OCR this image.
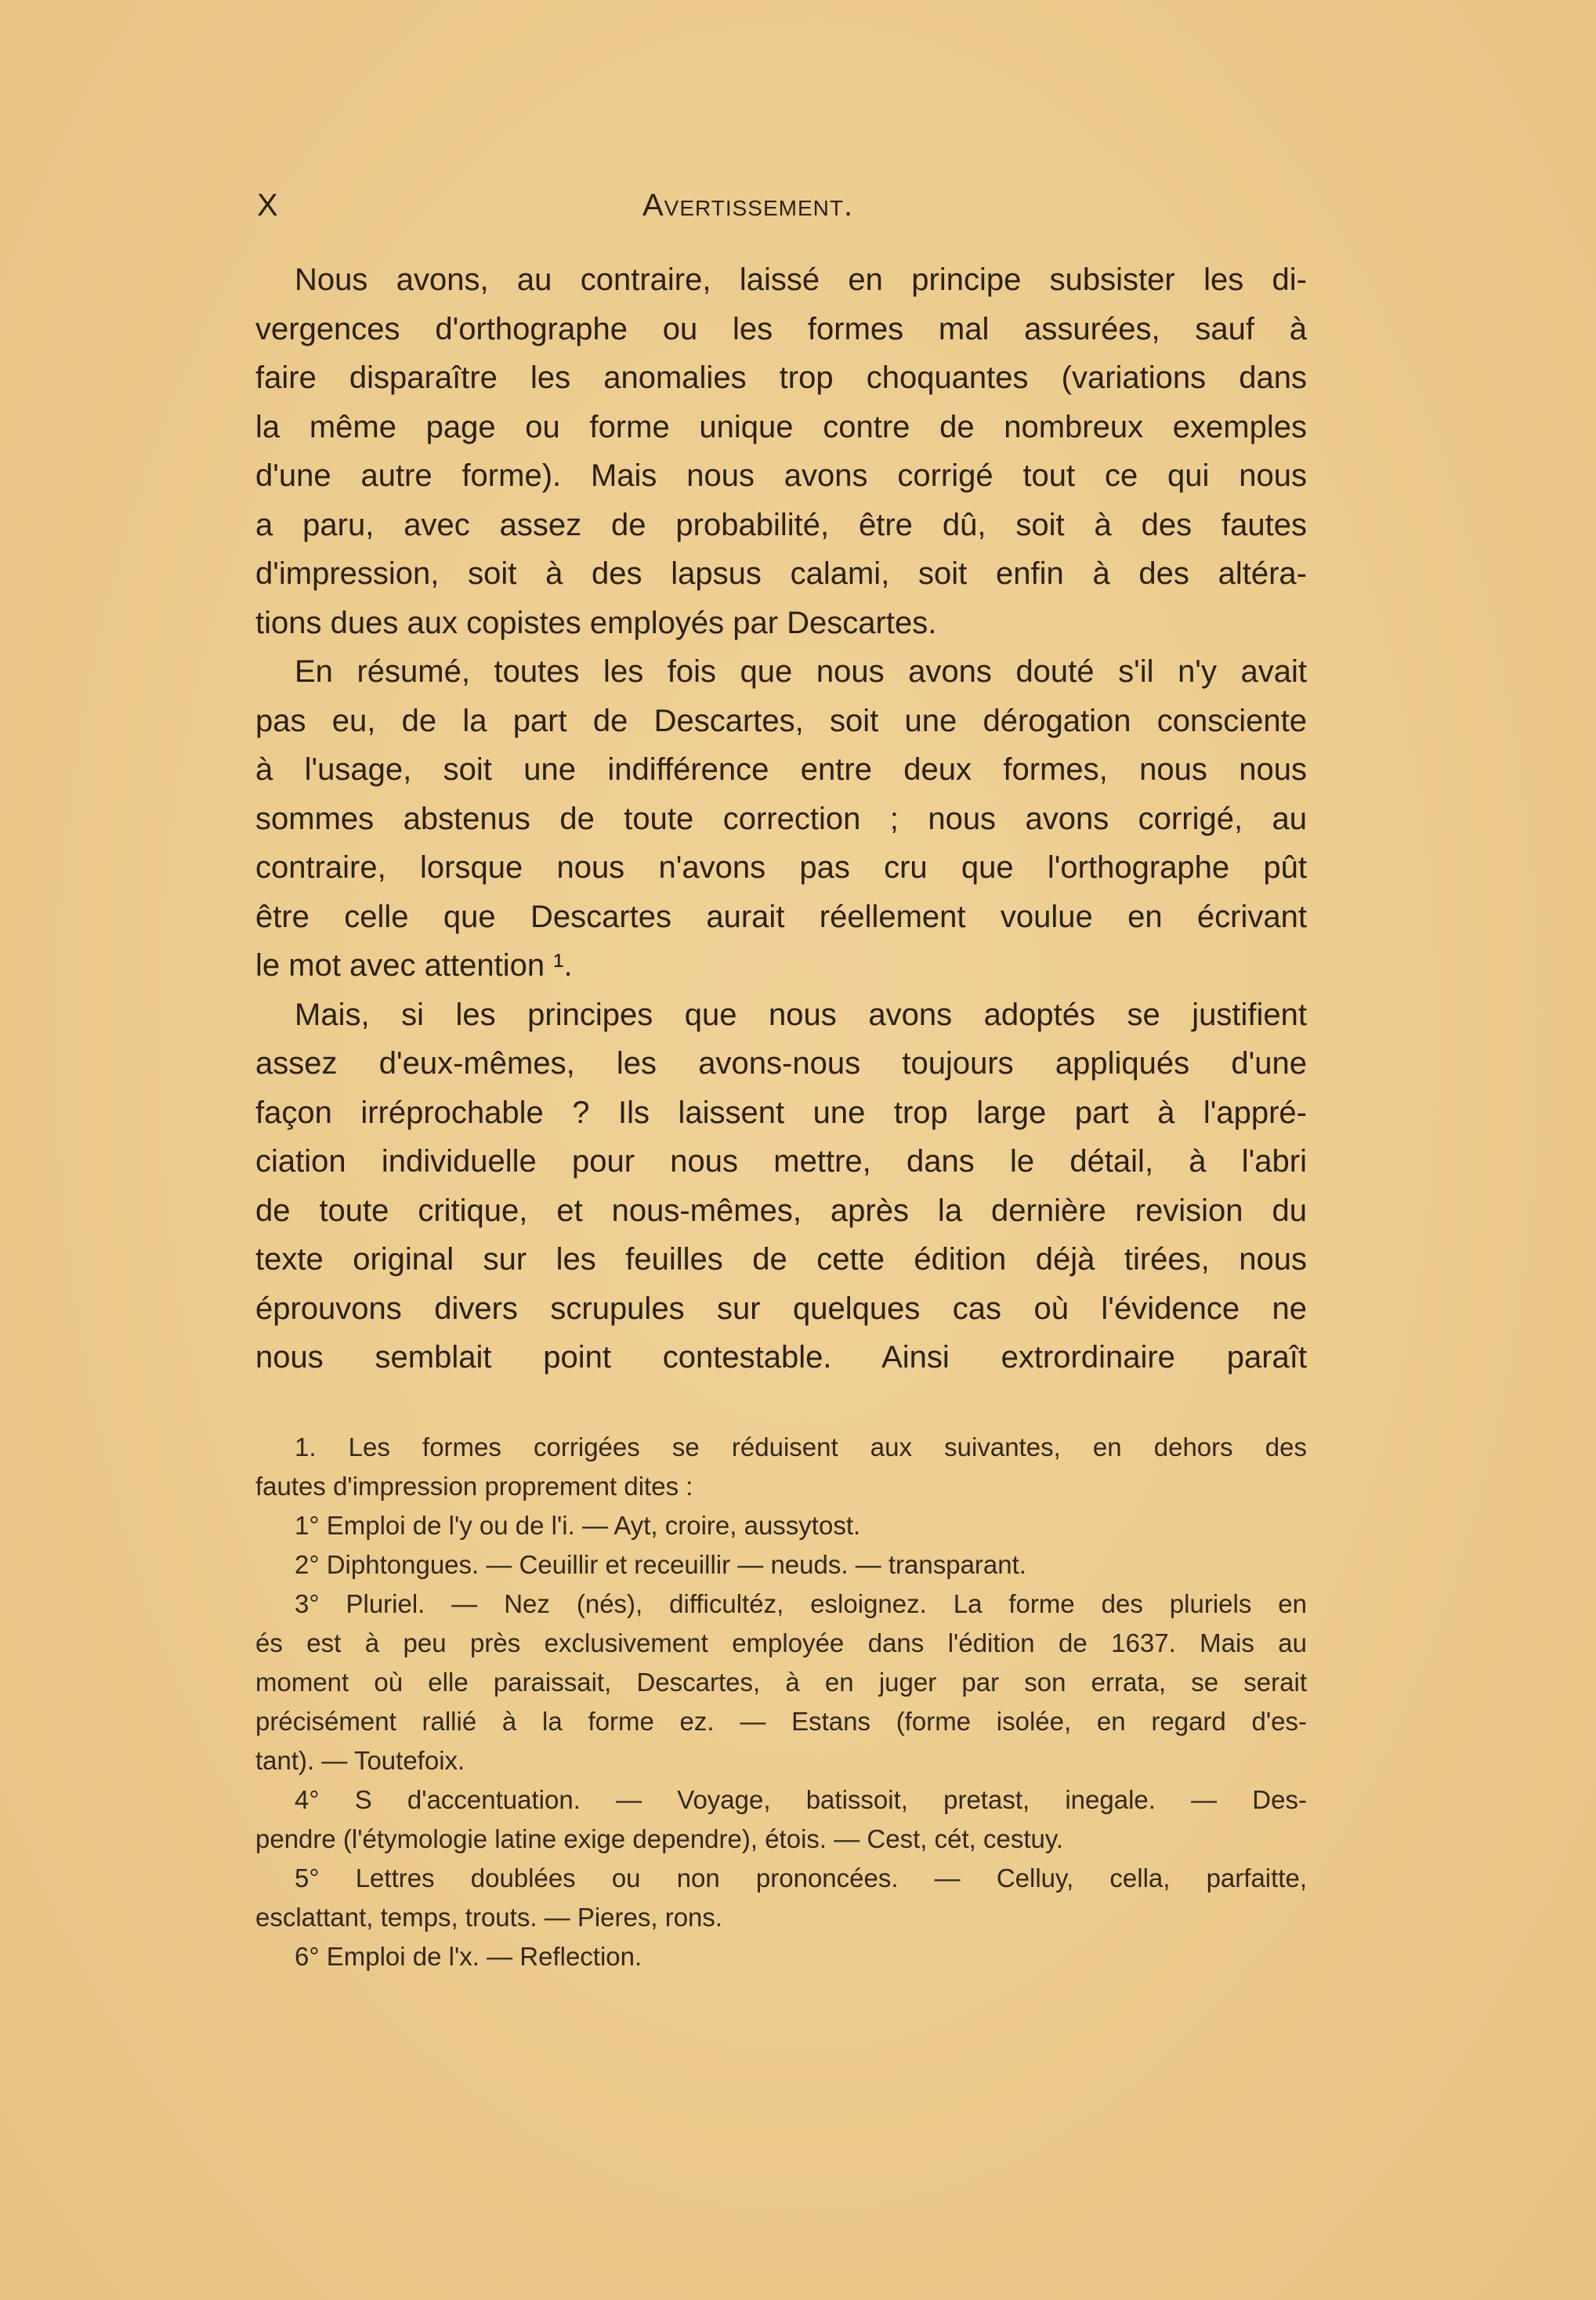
X	Avertissement.
Nous avons, au contraire, laissé en principe subsister les di-
vergences d'orthographe ou les formes mal assurées, sauf à
faire disparaître les anomalies trop choquantes (variations dans
la même page ou forme unique contre de nombreux exemples
d'une autre forme). Mais nous avons corrigé tout ce qui nous
a paru, avec assez de probabilité, être dû, soit à des fautes
d'impression, soit à des lapsus calami, soit enfin à des altéra-
tions dues aux copistes employés par Descartes.
En résumé, toutes les fois que nous avons douté s'il n'y avait
pas eu, de la part de Descartes, soit une dérogation consciente
à l'usage, soit une indifférence entre deux formes, nous nous
sommes abstenus de toute correction ; nous avons corrigé, au
contraire, lorsque nous n'avons pas cru que l'orthographe pût
être celle que Descartes aurait réellement voulue en écrivant
le mot avec attention ¹.
Mais, si les principes que nous avons adoptés se justifient
assez d'eux-mêmes, les avons-nous toujours appliqués d'une
façon irréprochable ? Ils laissent une trop large part à l'appré-
ciation individuelle pour nous mettre, dans le détail, à l'abri
de toute critique, et nous-mêmes, après la dernière revision du
texte original sur les feuilles de cette édition déjà tirées, nous
éprouvons divers scrupules sur quelques cas où l'évidence ne
nous semblait point contestable. Ainsi extrordinaire paraît
1. Les formes corrigées se réduisent aux suivantes, en dehors des
fautes d'impression proprement dites :
1° Emploi de l'y ou de l'i. — Ayt, croire, aussytost.
2° Diphtongues. — Ceuillir et receuillir — neuds. — transparant.
3° Pluriel. — Nez (nés), difficultéz, esloignez. La forme des pluriels en
és est à peu près exclusivement employée dans l'édition de 1637. Mais au
moment où elle paraissait, Descartes, à en juger par son errata, se serait
précisément rallié à la forme ez. — Estans (forme isolée, en regard d'es-
tant). — Toutefoix.
4° S d'accentuation. — Voyage, batissoit, pretast, inegale. — Des-
pendre (l'étymologie latine exige dependre), étois. — Cest, cét, cestuy.
5° Lettres doublées ou non prononcées. — Celluy, cella, parfaitte,
esclattant, temps, trouts. — Pieres, rons.
6° Emploi de l'x. — Reflection.
